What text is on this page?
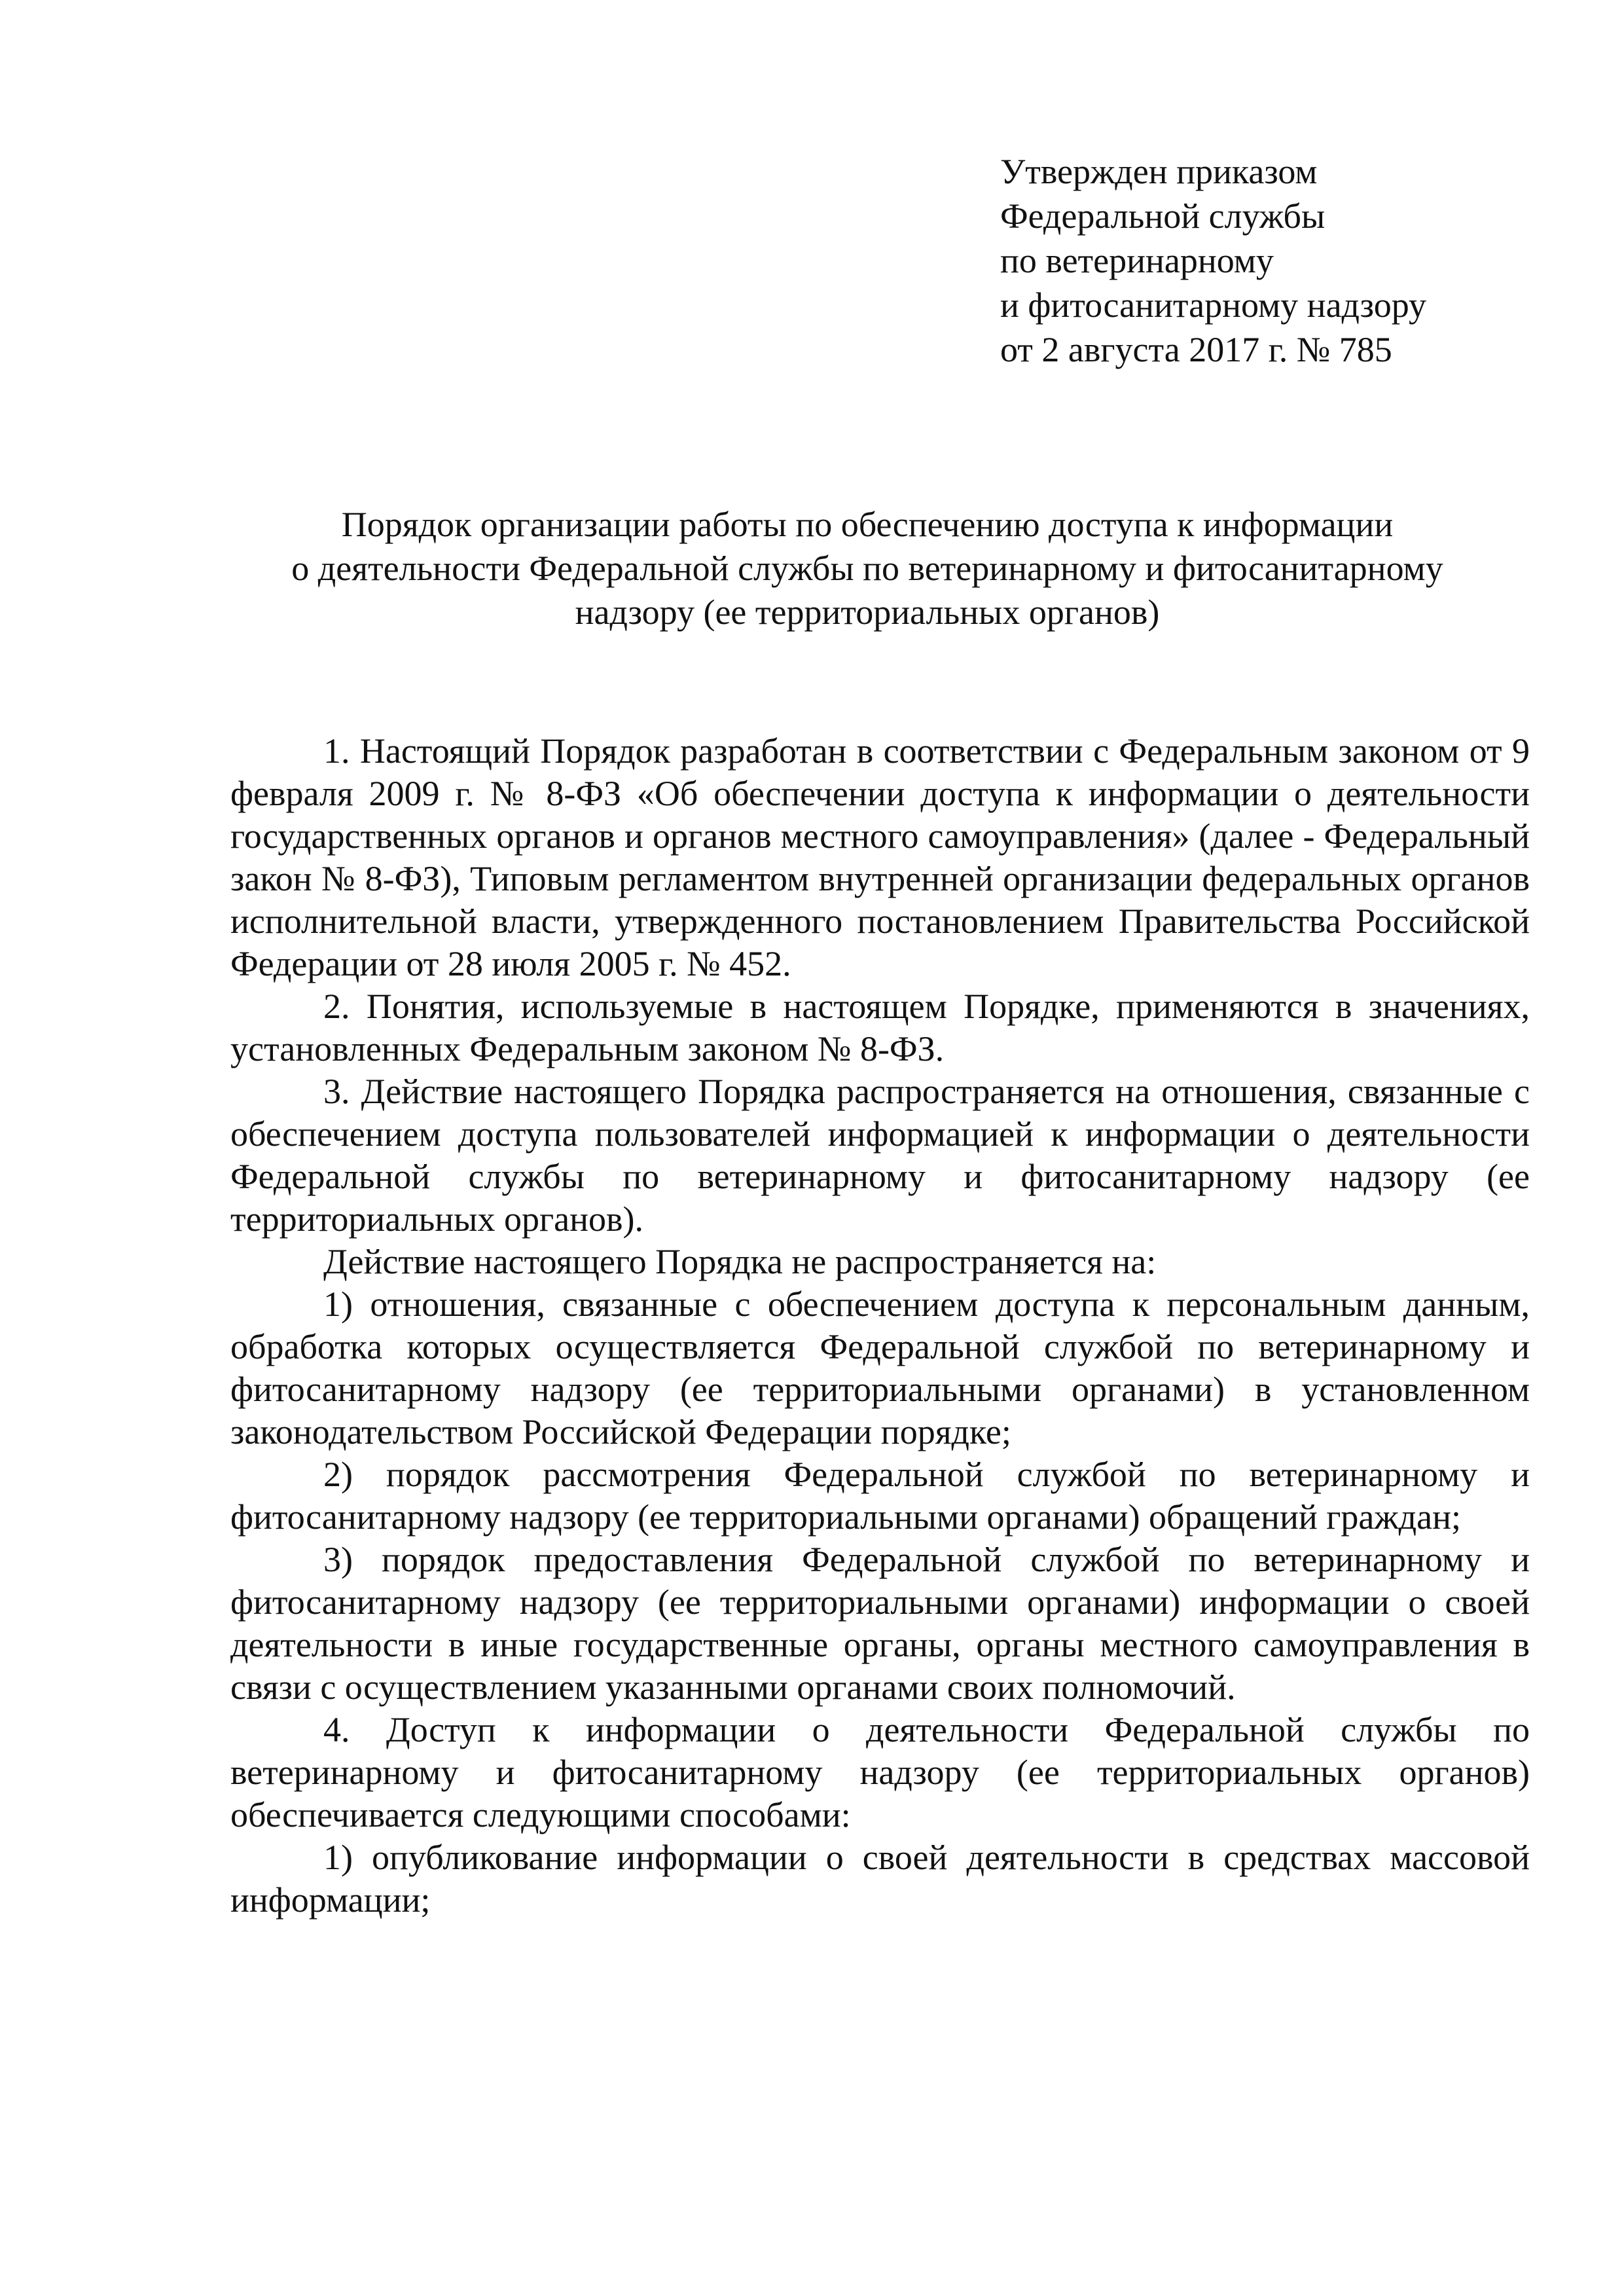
Утвержден приказом
Федеральной службы
по ветеринарному
и фитосанитарному надзору
от 2 августа 2017 г. № 785
Порядок организации работы по обеспечению доступа к информации
о деятельности Федеральной службы по ветеринарному и фитосанитарному
надзору (ее территориальных органов)

1. Настоящий Порядок разработан в соответствии с Федеральным законом от 9 февраля 2009 г. № 8-ФЗ «Об обеспечении доступа к информации о деятельности государственных органов и органов местного самоуправления» (далее - Федеральный закон № 8-ФЗ), Типовым регламентом внутренней организации федеральных органов исполнительной власти, утвержденного постановлением Правительства Российской Федерации от 28 июля 2005 г. № 452.

2. Понятия, используемые в настоящем Порядке, применяются в значениях, установленных Федеральным законом № 8-ФЗ.

3. Действие настоящего Порядка распространяется на отношения, связанные с обеспечением доступа пользователей информацией к информации о деятельности Федеральной службы по ветеринарному и фитосанитарному надзору (ее территориальных органов).

Действие настоящего Порядка не распространяется на:

1) отношения, связанные с обеспечением доступа к персональным данным, обработка которых осуществляется Федеральной службой по ветеринарному и фитосанитарному надзору (ее территориальными органами) в установленном законодательством Российской Федерации порядке;

2) порядок рассмотрения Федеральной службой по ветеринарному и фитосанитарному надзору (ее территориальными органами) обращений граждан;

3) порядок предоставления Федеральной службой по ветеринарному и фитосанитарному надзору (ее территориальными органами) информации о своей деятельности в иные государственные органы, органы местного самоуправления в связи с осуществлением указанными органами своих полномочий.

4. Доступ к информации о деятельности Федеральной службы по ветеринарному и фитосанитарному надзору (ее территориальных органов) обеспечивается следующими способами:

1) опубликование информации о своей деятельности в средствах массовой информации;
